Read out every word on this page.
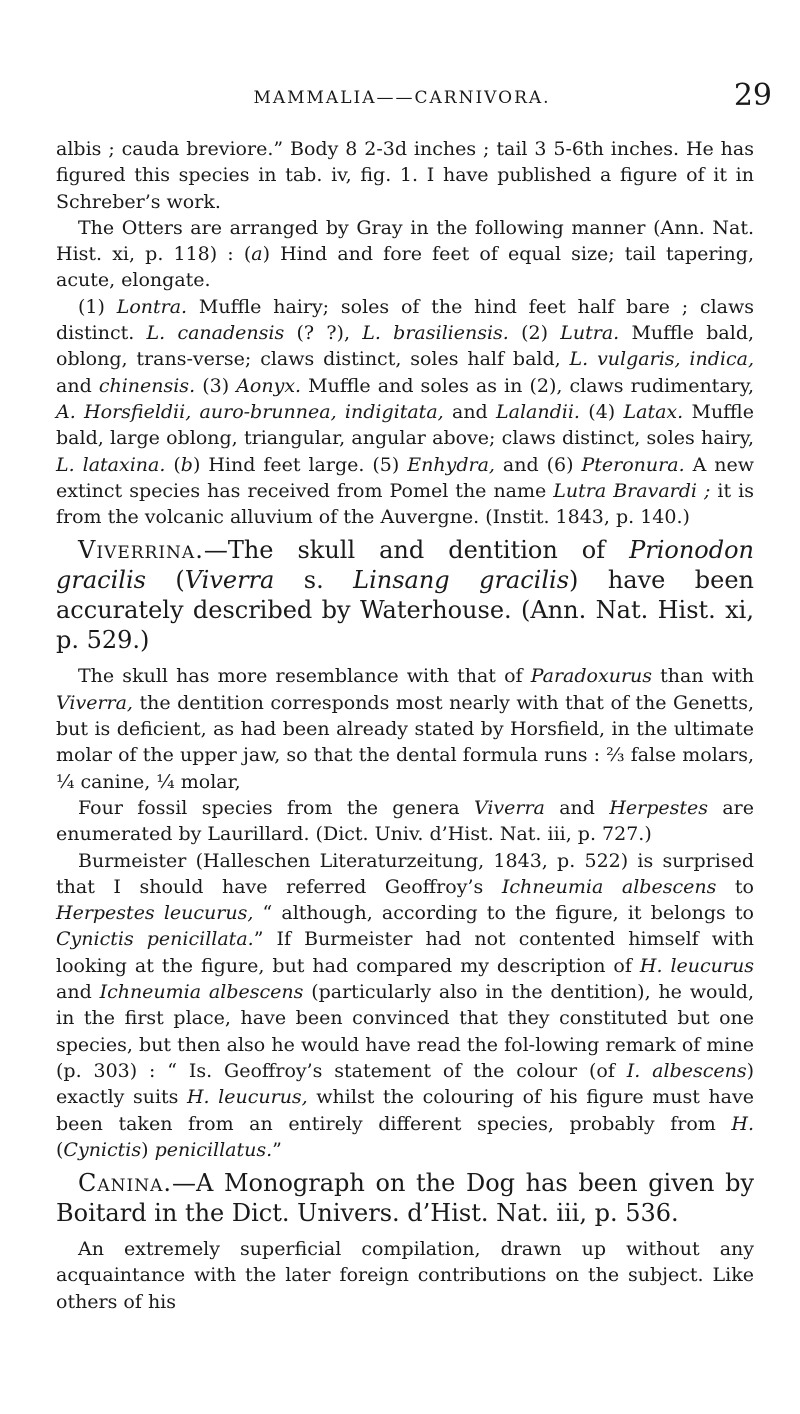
MAMMALIA——CARNIVORA.	29

albis ; cauda breviore.” Body 8 2-3d inches ; tail 3 5-6th inches. He has figured this species in tab. iv, fig. 1. I have published a figure of it in Schreber’s work.

The Otters are arranged by Gray in the following manner (Ann. Nat. Hist. xi, p. 118) : (a) Hind and fore feet of equal size; tail tapering, acute, elongate.

(1) Lontra. Muffle hairy; soles of the hind feet half bare ; claws distinct. L. canadensis (? ?), L. brasiliensis. (2) Lutra. Muffle bald, oblong, trans-verse; claws distinct, soles half bald, L. vulgaris, indica, and chinensis. (3) Aonyx. Muffle and soles as in (2), claws rudimentary, A. Horsfieldii, auro-brunnea, indigitata, and Lalandii. (4) Latax. Muffle bald, large oblong, triangular, angular above; claws distinct, soles hairy, L. lataxina. (b) Hind feet large. (5) Enhydra, and (6) Pteronura. A new extinct species has received from Pomel the name Lutra Bravardi ; it is from the volcanic alluvium of the Auvergne. (Instit. 1843, p. 140.)

Viverrina.—The skull and dentition of Prionodon gracilis (Viverra s. Linsang gracilis) have been accurately described by Waterhouse. (Ann. Nat. Hist. xi, p. 529.)

The skull has more resemblance with that of Paradoxurus than with Viverra, the dentition corresponds most nearly with that of the Genetts, but is deficient, as had been already stated by Horsfield, in the ultimate molar of the upper jaw, so that the dental formula runs : ⅔ false molars, ¼ canine, ¼ molar,

Four fossil species from the genera Viverra and Herpestes are enumerated by Laurillard. (Dict. Univ. d’Hist. Nat. iii, p. 727.)

Burmeister (Halleschen Literaturzeitung, 1843, p. 522) is surprised that I should have referred Geoffroy’s Ichneumia albescens to Herpestes leucurus, “ although, according to the figure, it belongs to Cynictis penicillata.” If Burmeister had not contented himself with looking at the figure, but had compared my description of H. leucurus and Ichneumia albescens (particularly also in the dentition), he would, in the first place, have been convinced that they constituted but one species, but then also he would have read the fol-lowing remark of mine (p. 303) : “ Is. Geoffroy’s statement of the colour (of I. albescens) exactly suits H. leucurus, whilst the colouring of his figure must have been taken from an entirely different species, probably from H. (Cynictis) penicillatus.”

Canina.—A Monograph on the Dog has been given by Boitard in the Dict. Univers. d’Hist. Nat. iii, p. 536.

An extremely superficial compilation, drawn up without any acquaintance with the later foreign contributions on the subject. Like others of his
